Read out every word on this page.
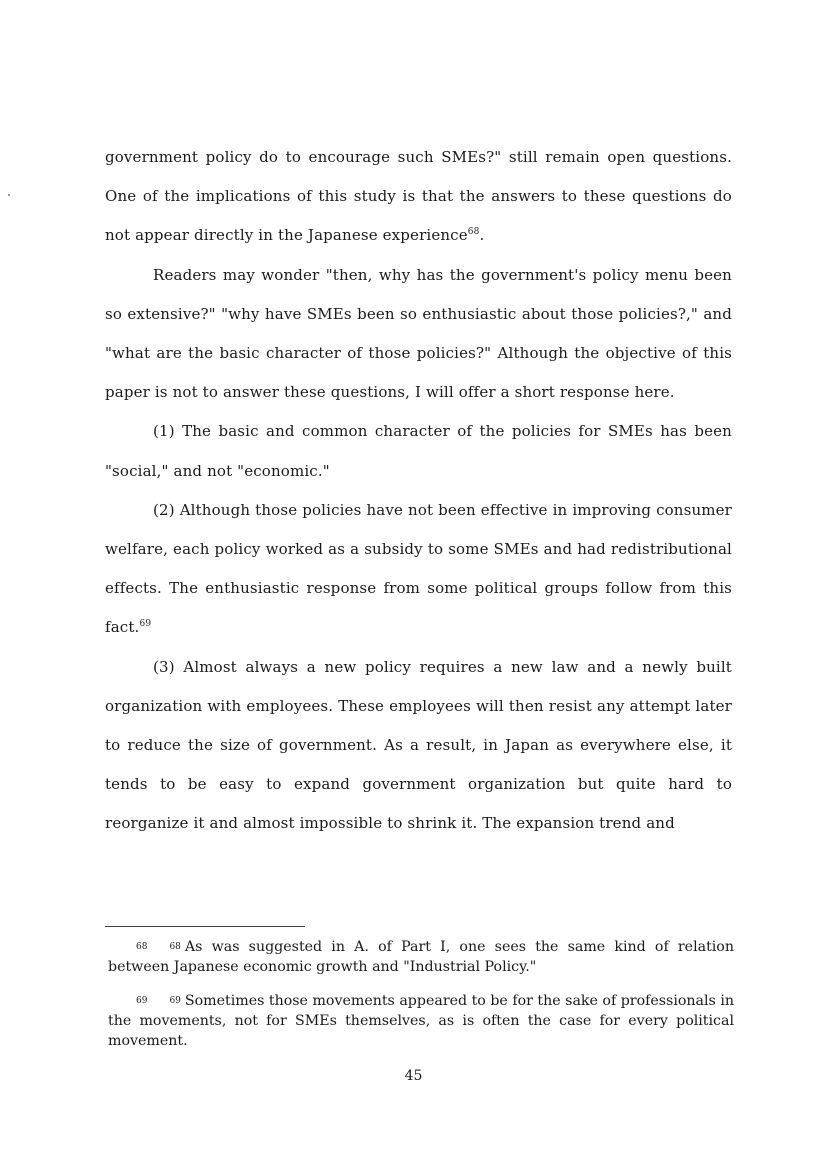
government policy do to encourage such SMEs?" still remain open questions. One of the implications of this study is that the answers to these questions do not appear directly in the Japanese experience$^{68}$.

Readers may wonder "then, why has the government's policy menu been so extensive?" "why have SMEs been so enthusiastic about those policies?," and "what are the basic character of those policies?" Although the objective of this paper is not to answer these questions, I will offer a short response here.

(1) The basic and common character of the policies for SMEs has been "social," and not "economic."

(2) Although those policies have not been effective in improving consumer welfare, each policy worked as a subsidy to some SMEs and had redistributional effects. The enthusiastic response from some political groups follow from this fact.$^{69}$

(3) Almost always a new policy requires a new law and a newly built organization with employees. These employees will then resist any attempt later to reduce the size of government. As a result, in Japan as everywhere else, it tends to be easy to expand government organization but quite hard to reorganize it and almost impossible to shrink it. The expansion trend and

68 68 As was suggested in A. of Part I, one sees the same kind of relation between Japanese economic growth and "Industrial Policy."

69 69 Sometimes those movements appeared to be for the sake of professionals in the movements, not for SMEs themselves, as is often the case for every political movement.

45
